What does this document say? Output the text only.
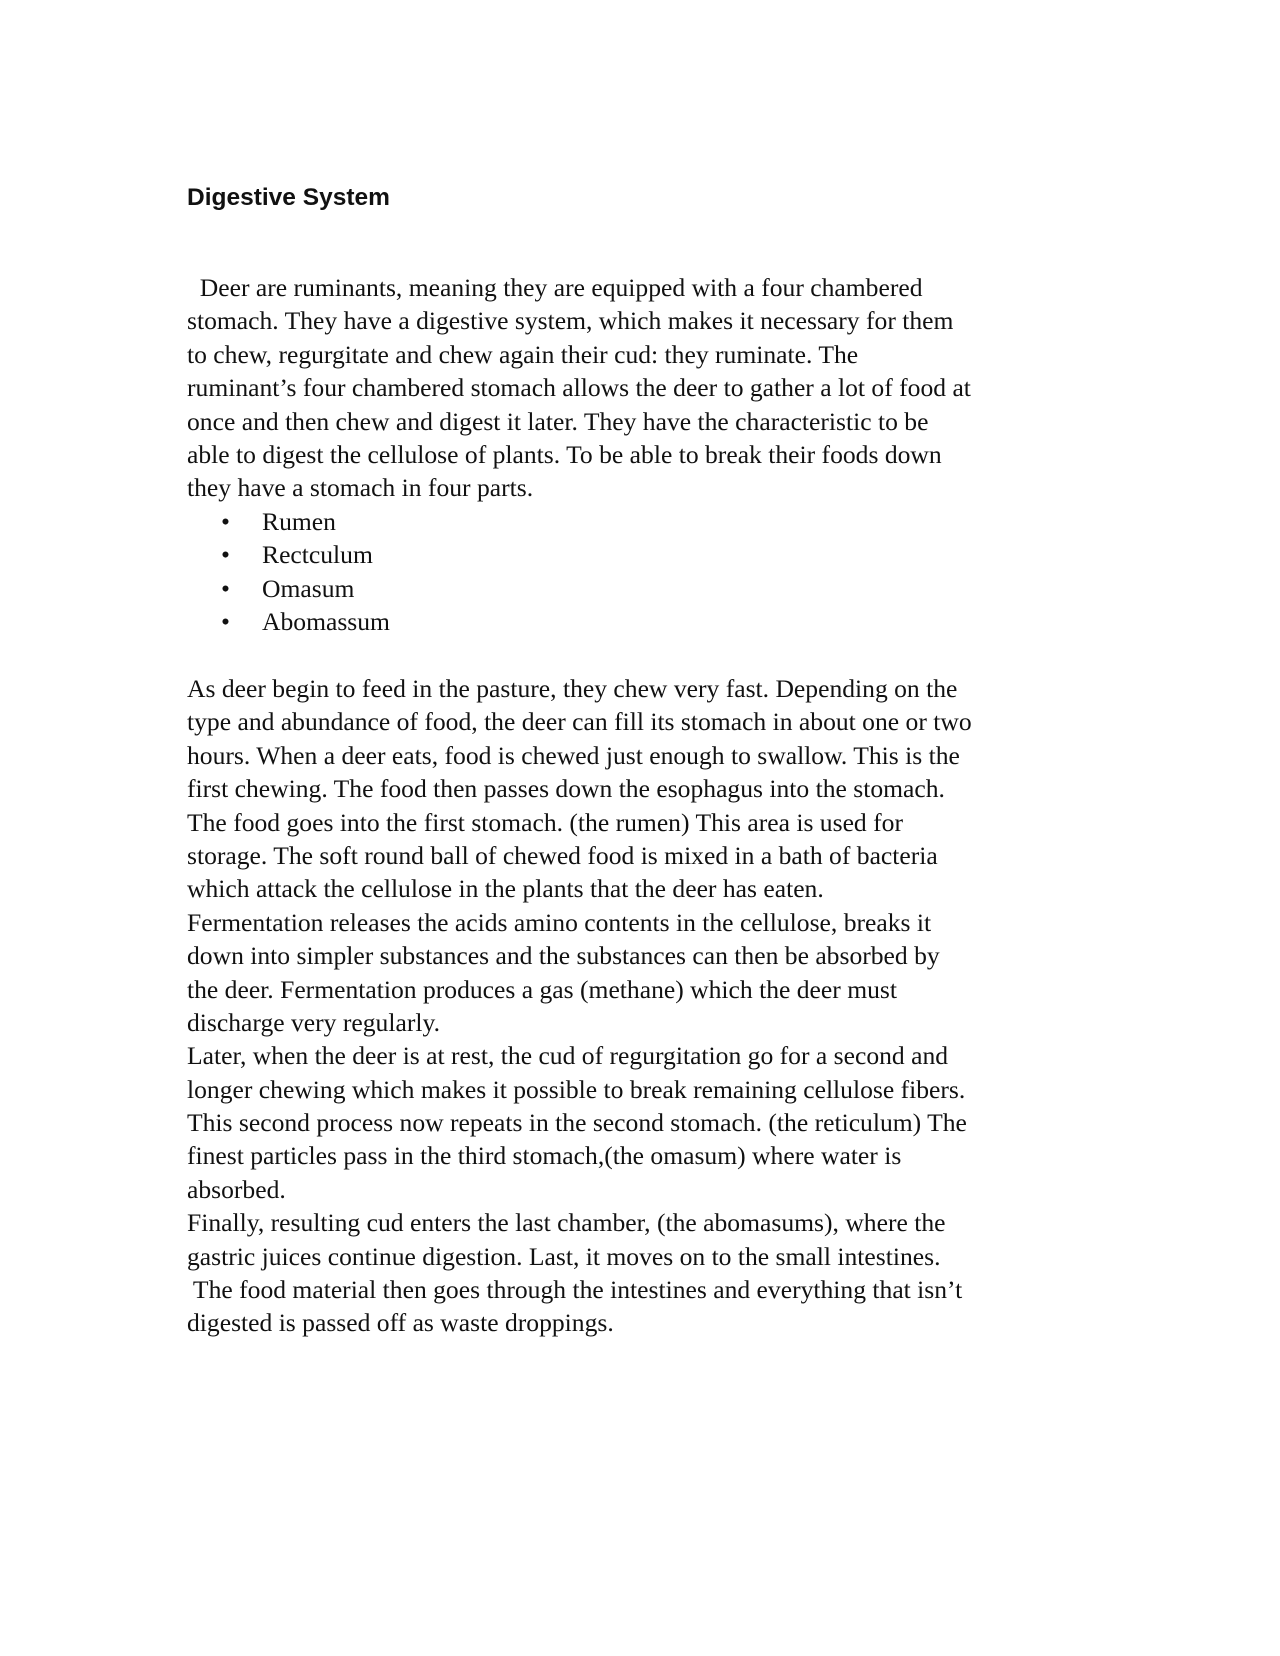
Digestive System
Deer are ruminants, meaning they are equipped with a four chambered
stomach. They have a digestive system, which makes it necessary for them
to chew, regurgitate and chew again their cud: they ruminate. The
ruminant’s four chambered stomach allows the deer to gather a lot of food at
once and then chew and digest it later. They have the characteristic to be
able to digest the cellulose of plants. To be able to break their foods down
they have a stomach in four parts.
• Rumen
• Rectculum
• Omasum
• Abomassum
As deer begin to feed in the pasture, they chew very fast. Depending on the
type and abundance of food, the deer can fill its stomach in about one or two
hours. When a deer eats, food is chewed just enough to swallow. This is the
first chewing. The food then passes down the esophagus into the stomach.
The food goes into the first stomach. (the rumen) This area is used for
storage. The soft round ball of chewed food is mixed in a bath of bacteria
which attack the cellulose in the plants that the deer has eaten.
Fermentation releases the acids amino contents in the cellulose, breaks it
down into simpler substances and the substances can then be absorbed by
the deer. Fermentation produces a gas (methane) which the deer must
discharge very regularly.
Later, when the deer is at rest, the cud of regurgitation go for a second and
longer chewing which makes it possible to break remaining cellulose fibers.
This second process now repeats in the second stomach. (the reticulum) The
finest particles pass in the third stomach,(the omasum) where water is
absorbed.
Finally, resulting cud enters the last chamber, (the abomasums), where the
gastric juices continue digestion. Last, it moves on to the small intestines.
The food material then goes through the intestines and everything that isn’t
digested is passed off as waste droppings.
